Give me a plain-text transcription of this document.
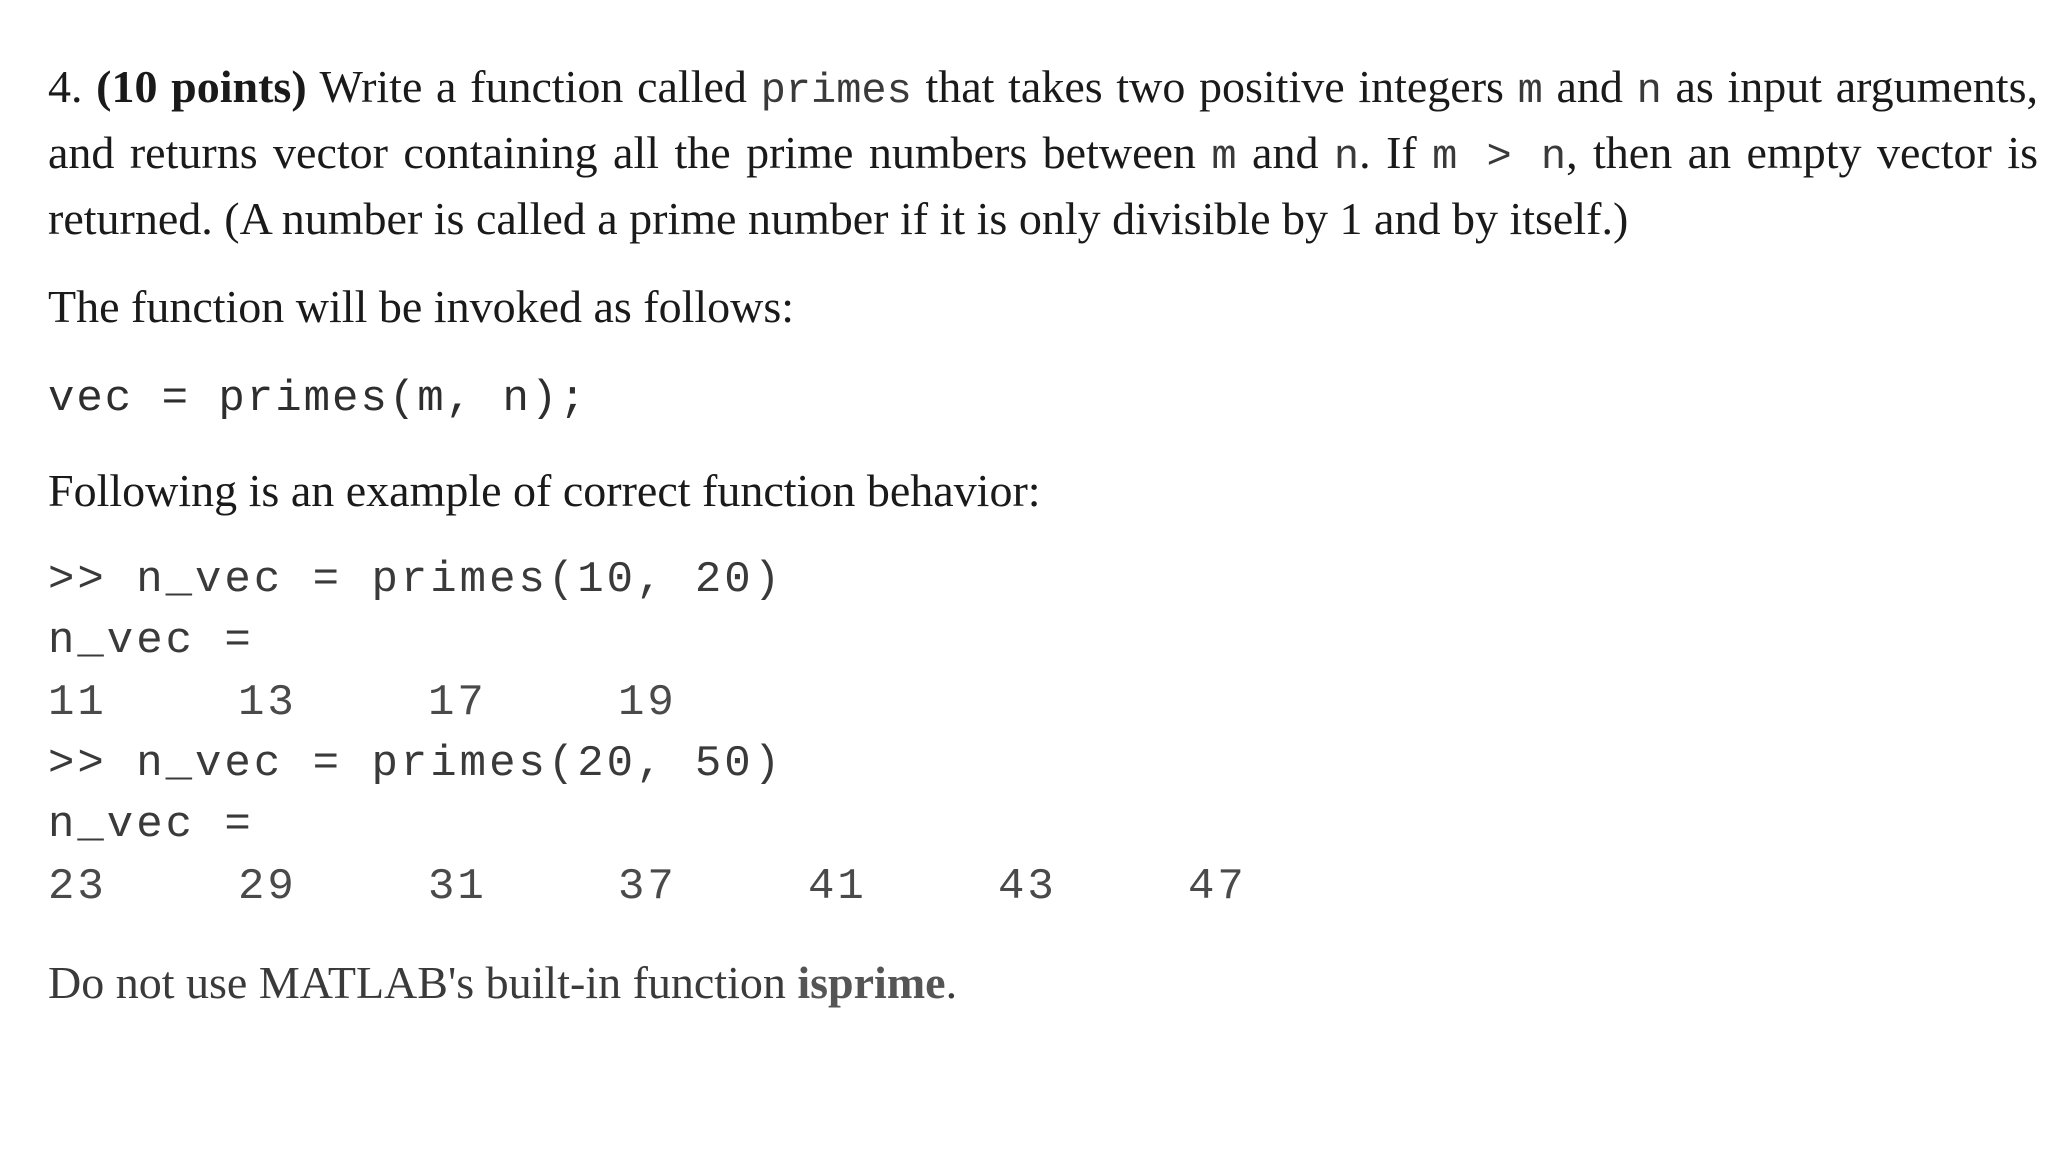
4. (10 points) Write a function called primes that takes two positive integers m and n as input arguments, and returns vector containing all the prime numbers between m and n. If m > n, then an empty vector is returned. (A number is called a prime number if it is only divisible by 1 and by itself.)

The function will be invoked as follows:

vec = primes(m, n);

Following is an example of correct function behavior:

>> n_vec = primes(10, 20)

n_vec =

11	13	17	19

>> n_vec = primes(20, 50)

n_vec =

23	29	31	37	41	43	47

Do not use MATLAB's built-in function isprime.
